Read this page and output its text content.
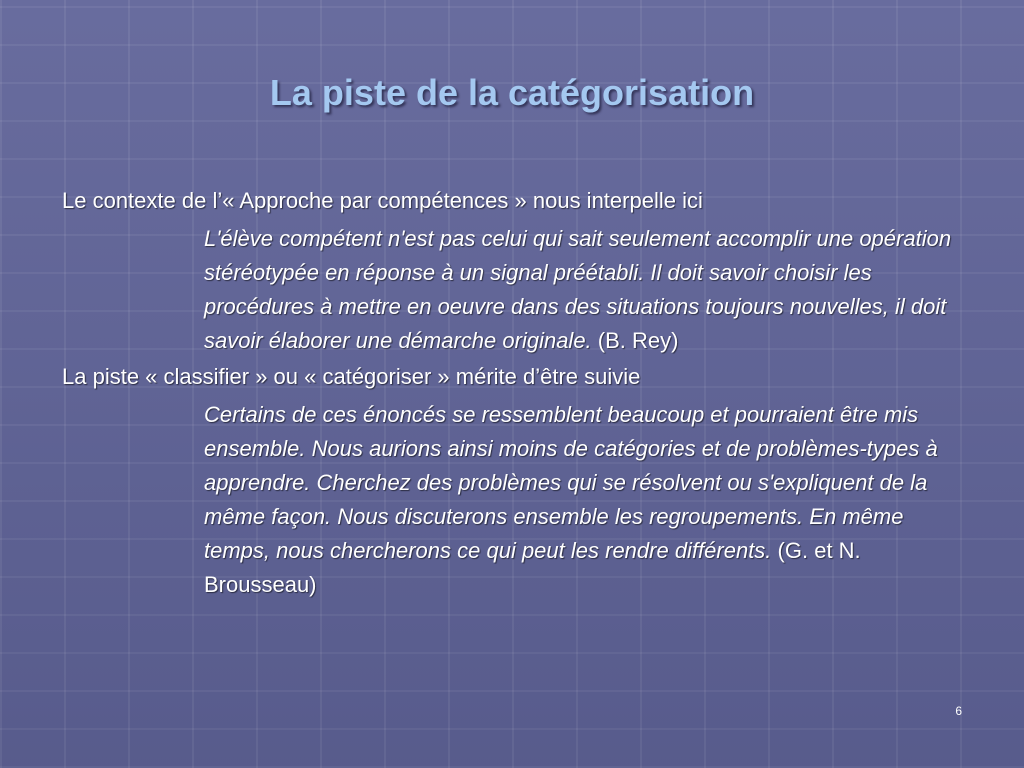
La piste de la catégorisation

Le contexte de l’« Approche par compétences » nous interpelle ici

L'élève compétent n'est pas celui qui sait seulement accomplir une opération stéréotypée en réponse à un signal préétabli. Il doit savoir choisir les procédures à mettre en oeuvre dans des situations toujours nouvelles, il doit savoir élaborer une démarche originale. (B. Rey)

La piste « classifier » ou « catégoriser » mérite d’être suivie

Certains de ces énoncés se ressemblent beaucoup et pourraient être mis ensemble. Nous aurions ainsi moins de catégories et de problèmes-types à apprendre. Cherchez des problèmes qui se résolvent ou s'expliquent de la même façon. Nous discuterons ensemble les regroupements. En même temps, nous chercherons ce qui peut les rendre différents. (G. et N. Brousseau)
6
